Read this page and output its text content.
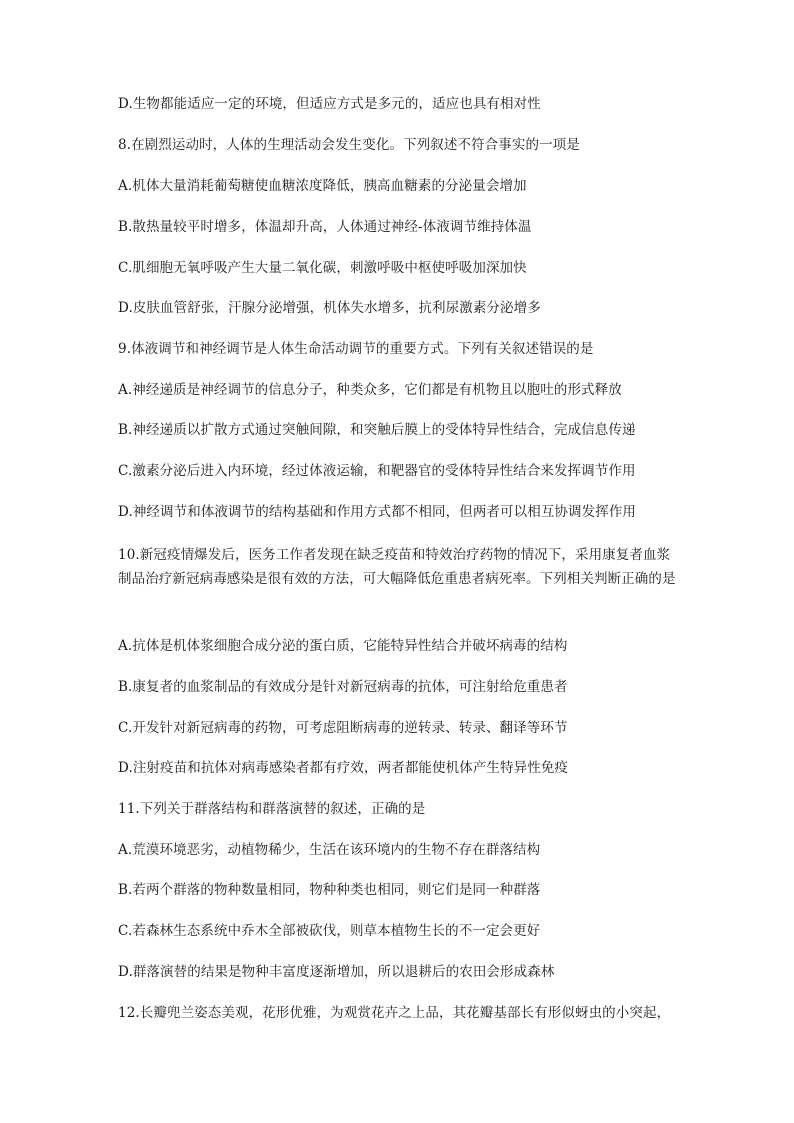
D.生物都能适应一定的环境，但适应方式是多元的，适应也具有相对性
8.在剧烈运动时，人体的生理活动会发生变化。下列叙述不符合事实的一项是
A.机体大量消耗葡萄糖使血糖浓度降低，胰高血糖素的分泌量会增加
B.散热量较平时增多，体温却升高，人体通过神经-体液调节维持体温
C.肌细胞无氧呼吸产生大量二氧化碳，刺激呼吸中枢使呼吸加深加快
D.皮肤血管舒张，汗腺分泌增强，机体失水增多，抗利尿激素分泌增多
9.体液调节和神经调节是人体生命活动调节的重要方式。下列有关叙述错误的是
A.神经递质是神经调节的信息分子，种类众多，它们都是有机物且以胞吐的形式释放
B.神经递质以扩散方式通过突触间隙，和突触后膜上的受体特异性结合，完成信息传递
C.激素分泌后进入内环境，经过体液运输，和靶器官的受体特异性结合来发挥调节作用
D.神经调节和体液调节的结构基础和作用方式都不相同，但两者可以相互协调发挥作用
10.新冠疫情爆发后，医务工作者发现在缺乏疫苗和特效治疗药物的情况下，采用康复者血浆制品治疗新冠病毒感染是很有效的方法，可大幅降低危重患者病死率。下列相关判断正确的是
A.抗体是机体浆细胞合成分泌的蛋白质，它能特异性结合并破坏病毒的结构
B.康复者的血浆制品的有效成分是针对新冠病毒的抗体，可注射给危重患者
C.开发针对新冠病毒的药物，可考虑阻断病毒的逆转录、转录、翻译等环节
D.注射疫苗和抗体对病毒感染者都有疗效，两者都能使机体产生特异性免疫
11.下列关于群落结构和群落演替的叙述，正确的是
A.荒漠环境恶劣，动植物稀少，生活在该环境内的生物不存在群落结构
B.若两个群落的物种数量相同，物种种类也相同，则它们是同一种群落
C.若森林生态系统中乔木全部被砍伐，则草本植物生长的不一定会更好
D.群落演替的结果是物种丰富度逐渐增加，所以退耕后的农田会形成森林
12.长瓣兜兰姿态美观，花形优雅，为观赏花卉之上品，其花瓣基部长有形似蚜虫的小突起，
